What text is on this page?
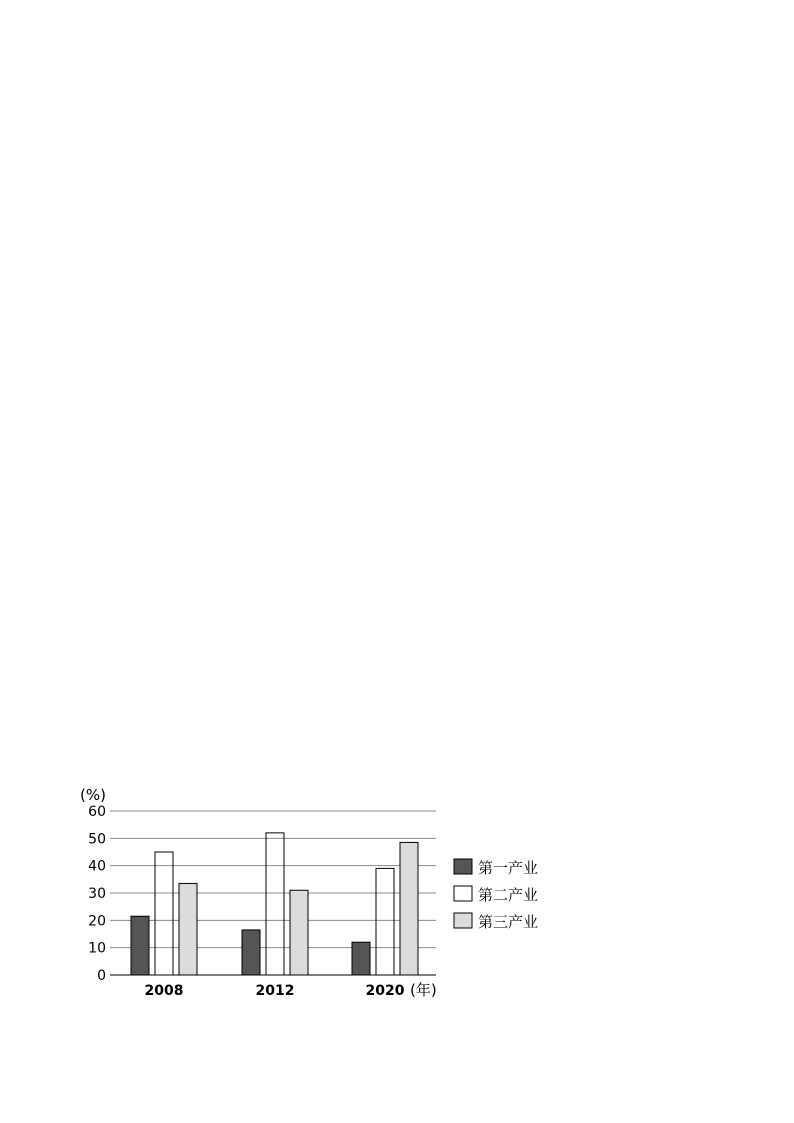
(%)
0
10
20
30
40
50
60
2008	2012	2020 (年)
第一产业
第二产业
第三产业
